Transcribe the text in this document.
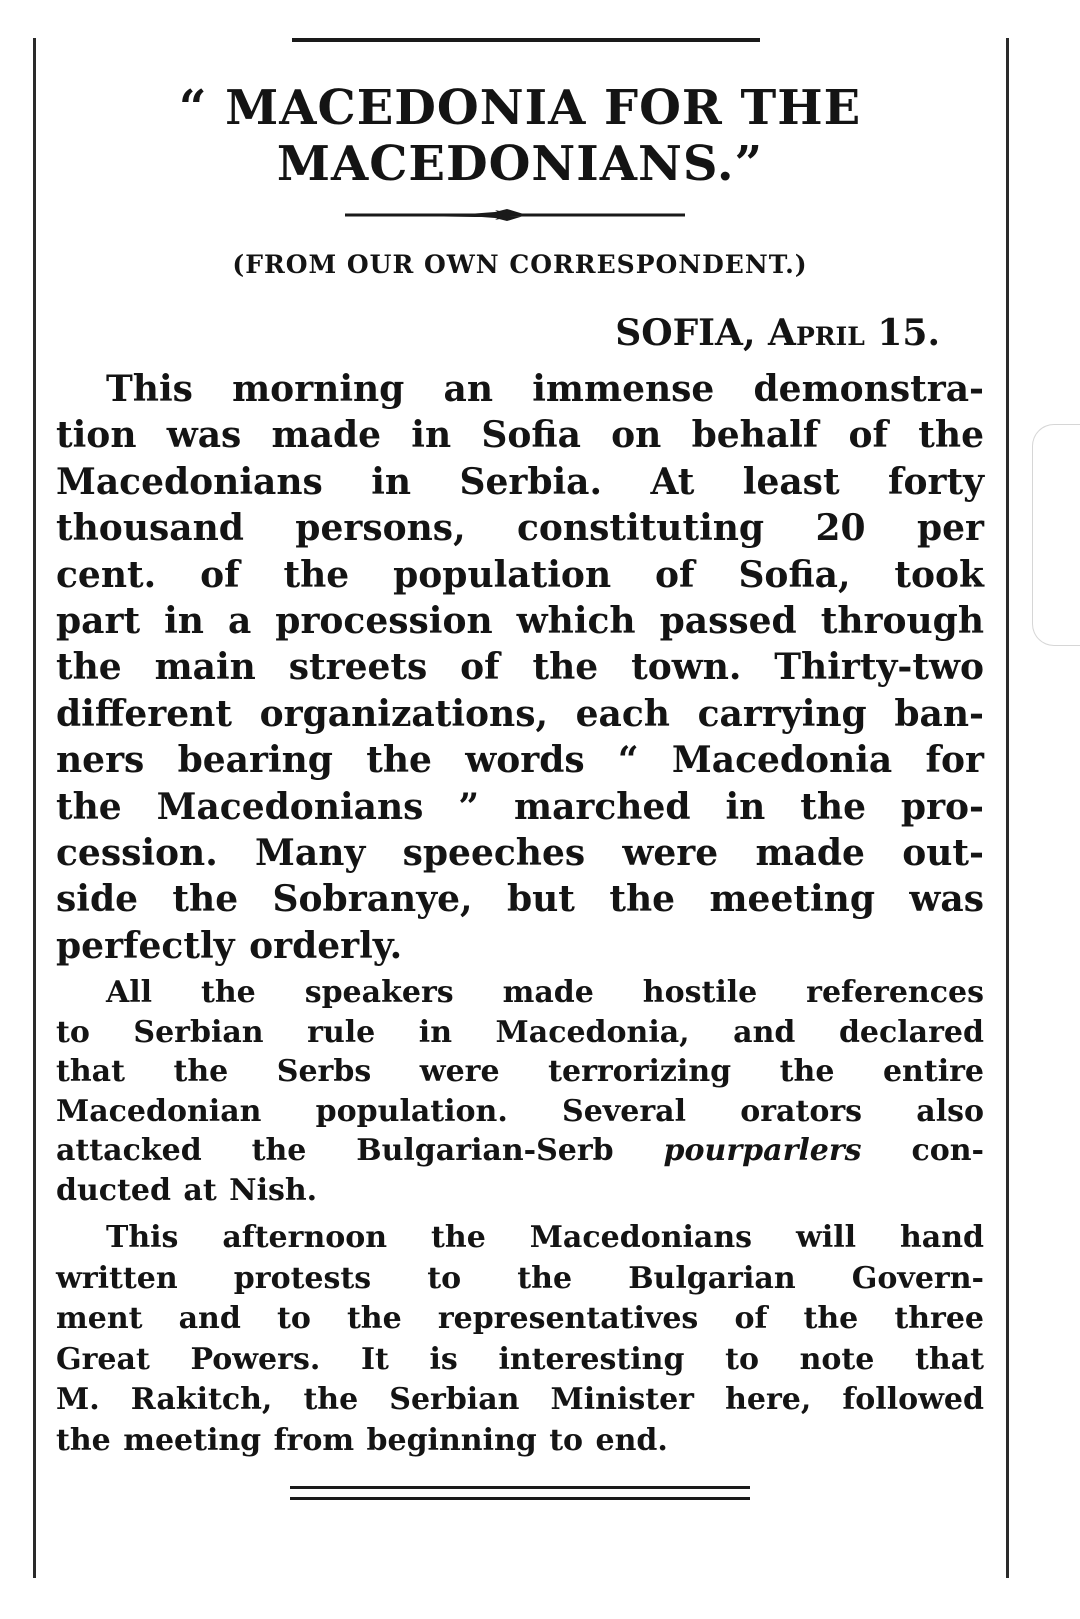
“ MACEDONIA FOR THE
MACEDONIANS.”

(FROM OUR OWN CORRESPONDENT.)

SOFIA, April 15.

This morning an immense demonstra-
tion was made in Sofia on behalf of the
Macedonians in Serbia. At least forty
thousand persons, constituting 20 per
cent. of the population of Sofia, took
part in a procession which passed through
the main streets of the town. Thirty-two
different organizations, each carrying ban-
ners bearing the words “ Macedonia for
the Macedonians ” marched in the pro-
cession. Many speeches were made out-
side the Sobranye, but the meeting was
perfectly orderly.

All the speakers made hostile references
to Serbian rule in Macedonia, and declared
that the Serbs were terrorizing the entire
Macedonian population. Several orators also
attacked the Bulgarian-Serb pourparlers con-
ducted at Nish.

This afternoon the Macedonians will hand
written protests to the Bulgarian Govern-
ment and to the representatives of the three
Great Powers. It is interesting to note that
M. Rakitch, the Serbian Minister here, followed
the meeting from beginning to end.
